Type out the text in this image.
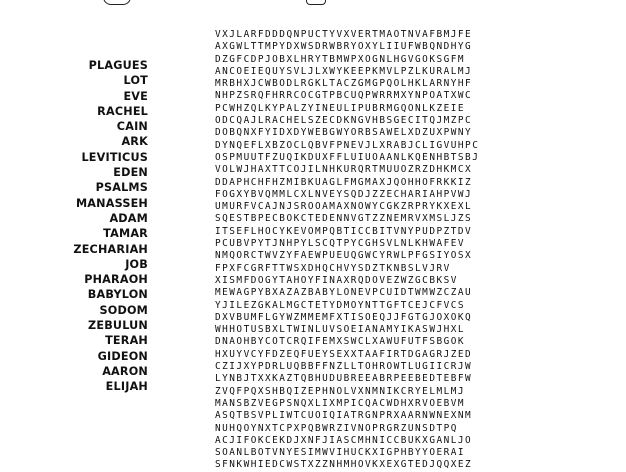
PLAGUES
LOT
EVE
RACHEL
CAIN
ARK
LEVITICUS
EDEN
PSALMS
MANASSEH
ADAM
TAMAR
ZECHARIAH
JOB
PHARAOH
BABYLON
SODOM
ZEBULUN
TERAH
GIDEON
AARON
ELIJAH
VXJLARFDDDQNPUCTYVXVERTMAOTNVAFBMJFE
AXGWLTTMPYDXWSDRWBRYOXYLIIUFWBQNDHYG
DZGFCDPJOBXLHRYTBMWPXOGNLHGVGOKSGFM
ANCOEIEQUYSVLJLXWYKEEPKMVLPZLKURALMJ
MRBHXJCWBODLRGKLTACZGMGPQOLHKLARNYHF
NHPZSRQFHRRCOCGTPBCUQPWRRMXYNPOATXWC
PCWHZQLKYPALZYINEULIPUBRMGQONLKZEIE
ODCQAJLRACHELSZECDKNGVHBSGECITQJMZPC
DOBQNXFYIDXDYWEBGWYORBSAWELXDZUXPWNY
DYNQEFLXBZOCLQBVFPNEVJLXRABJCLIGVUHPC
OSPMUUTFZUQIKDUXFFLUIUOAANLKQENHBTSBJ
VOLWJHAXTTCOJILNHKURQRTMUUOZRZDHKMCX
DDAPHCHFHZMIBKUAGLFMGMAXJQOHHOFRKKIZ
FOGXYBVQMMLCXLNVEYSQDJZZECHARIAHPVWJ
UMURFVCAJNJSROOAMAXNOWYCGKZRPRYKXEXL
SQESTBPECBOKCTEDENNVGTZZNEMRVXMSLJZS
ITSEFLHOCYKEVOMPQBTICCBITVNYPUDPZTDV
PCUBVPYTJNHPYLSCQTPYCGHSVLNLKHWAFEV
NMQORCTWVZYFAEWPUEUQGWCYRWLPFGSIYOSX
FPXFCGRFTTWSXDHQCHVYSDZTKNBSLVJRV
XISMFDOGYTAHOYFINAXRQDOVEZWZGCBKSV
MEWAGPYBXAZAZBABYLONEVPCUIDTWMWZCZAU
YJILEZGKALMGCTETYDMOYNTTGFTCEJCFVCS
DXVBUMFLGYWZMMEMFXTISOEQJJFGTGJOXOKQ
WHHOTUSBXLTWINLUVSOEIANAMYIKASWJHXL
DNAOHBYCOTCRQIFEMXSWCLXAWUFUTFSBGOK
HXUYVCYFDZEQFUEYSEXXTAAFIRTDGAGRJZED
CZIJXYPDRLUQBBFFNZLLTOHROWTLUGIICRJW
LYNBJTXXKAZTQBHUDUBREEABRPEEBEDTEBFW
ZVQFPQXSHBQIZEPHNOLVXNMNIKCRYELMLMJ
MANSBZVEGPSNQXLIXMPICQACWDHXRVOEBVM
ASQTBSVPLIWTCUOIQIATRGNPRXAARNWNEXNM
NUHQOYNXTCPXPQBWRZIVNOPRGRZUNSDTPQ
ACJIFOKCEKDJXNFJIASCMHNICCBUKXGANLJO
SOANLBOTVNYESIMWVIHUCKXIGPHBYYOERAI
SFNKWHIEDCWSTXZZNHMHOVKXEXGTEDJQQXEZ
